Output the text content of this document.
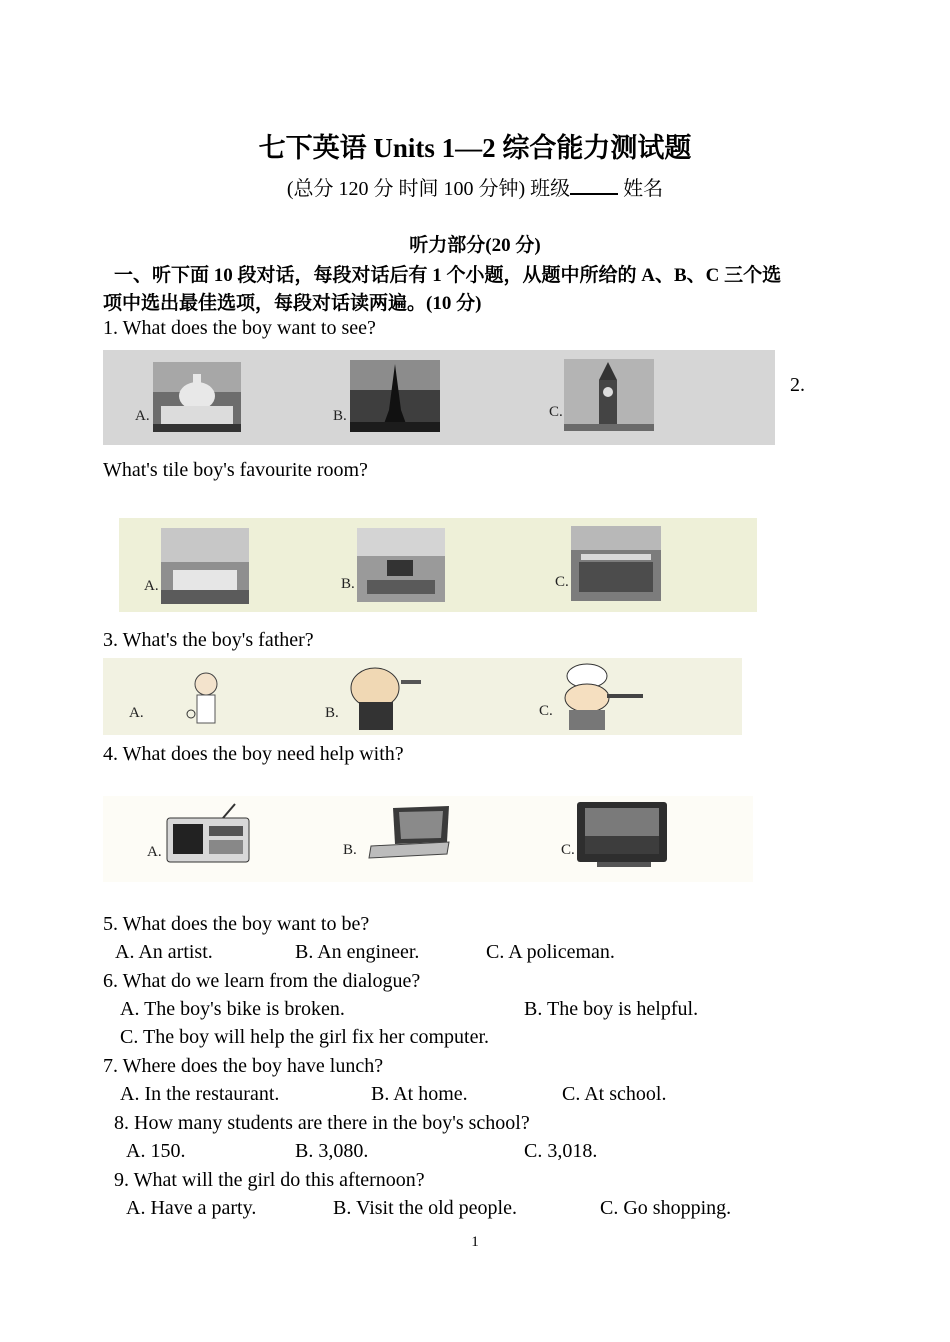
七下英语 Units 1—2 综合能力测试题
(总分 120 分 时间 100 分钟) 班级 姓名
听力部分(20 分)
一、听下面 10 段对话，每段对话后有 1 个小题，从题中所给的 A、B、C 三个选
项中选出最佳选项，每段对话读两遍。(10 分)
1. What does the boy want to see?
A.	B.	C.
2.
What's tile boy's favourite room?
A.	B.	C.
3. What's the boy's father?
A.	B.	C.
4. What does the boy need help with?
A.	B.	C.
5. What does the boy want to be?
A. An artist.	B. An engineer.	C. A policeman.
6. What do we learn from the dialogue?
A. The boy's bike is broken.	B. The boy is helpful.
C. The boy will help the girl fix her computer.
7. Where does the boy have lunch?
A. In the restaurant.	B. At home.	C. At school.
8. How many students are there in the boy's school?
A. 150.	B. 3,080.	C. 3,018.
9. What will the girl do this afternoon?
A. Have a party.	B. Visit the old people.	C. Go shopping.
1
